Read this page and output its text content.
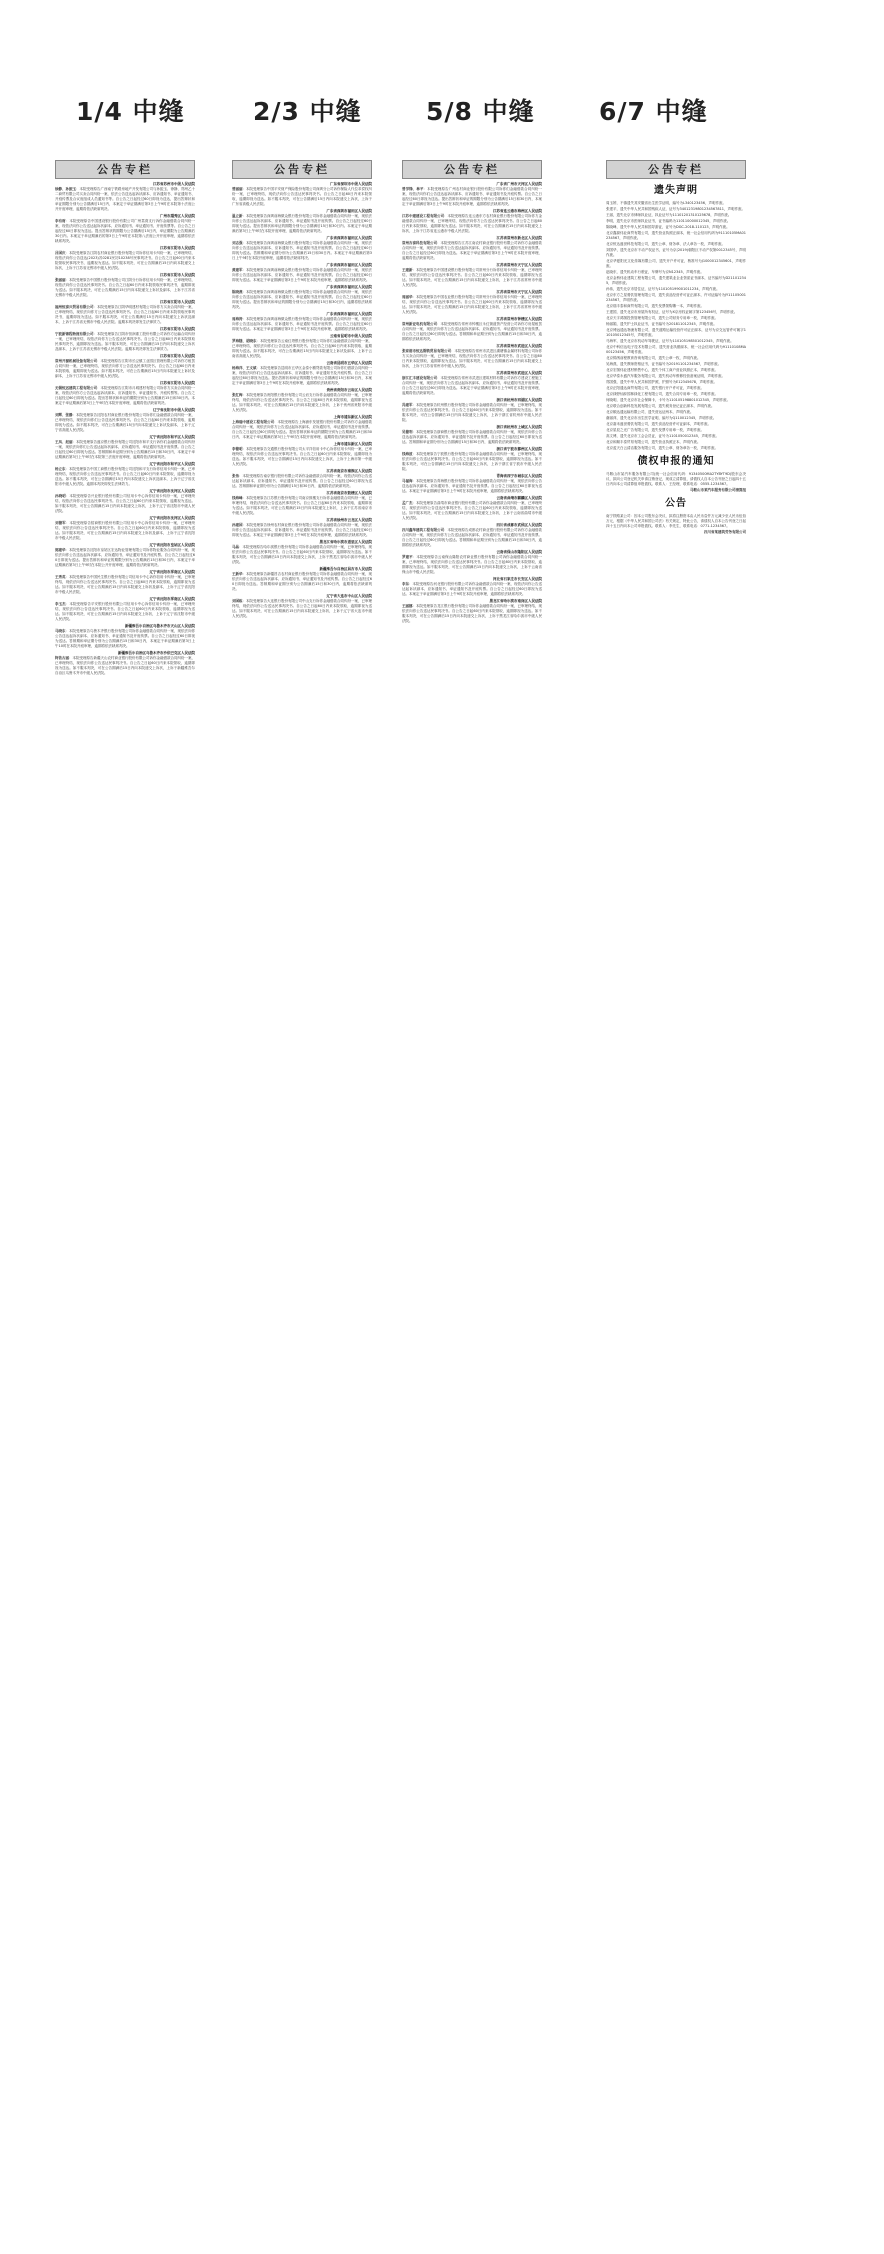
1/4 中缝	2/3 中缝	5/8 中缝	6/7 中缝
公告专栏
江苏省苏州市中级人民法院
徐静、孙振玉：本院受理原告广西南宁铁路房地产开发有限公司与孙振玉、徐静、郑州乙十二商贸有限公司买卖合同纠纷一案，依法公告送达起诉状副本、应诉通知书、举证通知书、开庭传票及合议庭组成人员通知书等。自公告之日起经过60日即视为送达，提出答辩状和举证期限分别为公告期满后15日内，本案定于举证期满后第3日上午9时在本院第十法庭公开开庭审理，逾期将依法缺席判决。
广州市越秀区人民法院
李有财：本院受理原告中国建设银行股份有限公司广州荔湾支行诉你金融借款合同纠纷一案，现依法向你公告送达起诉状副本、应诉通知书、举证通知书、开庭传票等。自公告之日起经过60日即视为送达。提出答辩状的期限为公告期满后15日内，举证期限为公告期满后30日内。本案定于举证期满后的第3日上午9时在本院第八法庭公开开庭审理，逾期将依法缺席判决。
江苏省江阴市人民法院
吕国庆：本院受理原告江阴农村商业银行股份有限公司诉你信用卡纠纷一案，已审理终结，现依法向你公告送达(2023)苏0281民初10238号民事判决书。自公告之日起60日内来本院领取民事判决书，逾期视为送达。如不服本判决，可在公告期满后15日内向本院递交上诉状，上诉于江苏省无锡市中级人民法院。
江苏省江阴市人民法院
张丽丽：本院受理原告中国银行股份有限公司江阴分行诉你信用卡纠纷一案，已审理终结，现依法向你公告送达民事判决书。自公告之日起60日内来本院领取民事判决书，逾期即视为送达。如不服本判决，可在公告期满后15日内向本院递交上诉状及副本，上诉于江苏省无锡市中级人民法院。
江苏省江阴市人民法院
福州恒泰兴贸易有限公司：本院受理原告江阴华明建材有限公司诉你方买卖合同纠纷一案，已审理终结，现依法向你方公告送达民事判决书。自公告之日起60日内来本院领取民事判决书，逾期即视为送达。如不服本判决，可在公告期满后15日内向本院递交上诉状及副本，上诉于江苏省无锡市中级人民法院。逾期本判决即发生法律效力。
江苏省江阴市人民法院
宁波新锦程物流有限公司：本院受理原告江阴市恒润重工股份有限公司诉你方运输合同纠纷一案，已审理终结，现依法向你方公告送达民事判决书。自公告之日起60日内来本院领取民事判决书，逾期即视为送达。如不服本判决，可在公告期满后15日内向本院递交上诉状及副本，上诉于江苏省无锡市中级人民法院。逾期本判决即发生法律效力。
江苏省江阴市人民法院
常州开源机械设备有限公司：本院受理原告江阴市长泾镇工业园区管理有限公司诉你方租赁合同纠纷一案，已审理终结，现依法向你方公告送达民事判决书。自公告之日起60日内来本院领取，逾期即视为送达。如不服本判决，可在公告期满后15日内向本院递交上诉状及副本，上诉于江苏省无锡市中级人民法院。
江苏省江阴市人民法院
无锡恒远建筑工程有限公司：本院受理原告江阴市月城建材有限公司诉你方买卖合同纠纷一案，现依法向你方公告送达起诉状副本、应诉通知书、举证通知书、开庭传票等。自公告之日起经过60日即视为送达。提出答辩状和举证的期限分别为公告期满后15日和30日内。本案定于举证期满后第3日上午9时在本院开庭审理，逾期将依法缺席判决。
辽宁省沈阳市中级人民法院
刘辉、张静：本院受理原告沈阳农村商业银行股份有限公司诉你们金融借款合同纠纷一案，已审理终结，现依法向你们公告送达民事判决书。自公告之日起60日内来本院领取，逾期即视为送达。如不服本判决，可在公告期满后15日内向本院递交上诉状及副本，上诉于辽宁省高级人民法院。
辽宁省沈阳市和平区人民法院
王凤、赵丽：本院受理原告盛京银行股份有限公司沈阳市和平支行诉你们金融借款合同纠纷一案，现依法向你们公告送达起诉状副本、应诉通知书、举证通知书及开庭传票。自公告之日起经过60日即视为送达。答辩期和举证期分别为公告期满后15日和30日内，本案定于举证期满后第3日上午9时在本院第三法庭开庭审理，逾期将依法缺席判决。
辽宁省沈阳市和平区人民法院
杨立东：本院受理原告中国工商银行股份有限公司沈阳和平支行诉你信用卡纠纷一案，已审理终结，现依法向你公告送达民事判决书。自公告之日起60日内来本院领取，逾期即视为送达。如不服本判决，可在公告期满后15日内向本院递交上诉状及副本，上诉于辽宁省沈阳市中级人民法院。逾期本判决即发生法律效力。
辽宁省沈阳市沈河区人民法院
孙晓明：本院受理原告兴业银行股份有限公司信用卡中心诉你信用卡纠纷一案，已审理终结，现依法向你公告送达民事判决书。自公告之日起60日内来本院领取，逾期视为送达。如不服本判决，可在公告期满后15日内向本院递交上诉状，上诉于辽宁省沈阳市中级人民法院。
辽宁省沈阳市沈河区人民法院
刘德军：本院受理原告招商银行股份有限公司信用卡中心诉你信用卡纠纷一案，已审理终结，现依法向你公告送达民事判决书。自公告之日起60日内来本院领取，逾期即视为送达。如不服本判决，可在公告期满后15日内向本院递交上诉状及副本，上诉于辽宁省沈阳市中级人民法院。
辽宁省沈阳市皇姑区人民法院
郭建华：本院受理原告沈阳市皇姑区宏达物业管理有限公司诉你物业服务合同纠纷一案，现依法向你公告送达起诉状副本、应诉通知书、举证通知书及开庭传票。自公告之日起经过60日即视为送达。提出答辩状和举证的期限分别为公告期满后15日和30日内，本案定于举证期满后第3日上午9时在本院公开开庭审理，逾期将依法缺席判决。
辽宁省沈阳市浑南区人民法院
王秀英：本院受理原告中国民生银行股份有限公司信用卡中心诉你信用卡纠纷一案，已审理终结，现依法向你公告送达民事判决书。自公告之日起60日内来本院领取，逾期即视为送达。如不服本判决，可在公告期满后15日内向本院递交上诉状及副本，上诉于辽宁省沈阳市中级人民法院。
辽宁省沈阳市浑南区人民法院
李玉杰：本院受理原告平安银行股份有限公司信用卡中心诉你信用卡纠纷一案，已审理终结，现依法向你公告送达民事判决书。自公告之日起60日内来本院领取，逾期即视为送达。如不服本判决，可在公告期满后15日内向本院递交上诉状，上诉于辽宁省沈阳市中级人民法院。
新疆维吾尔自治区乌鲁木齐市天山区人民法院
马晓东：本院受理原告乌鲁木齐银行股份有限公司诉你金融借款合同纠纷一案，现依法向你公告送达起诉状副本、应诉通知书、举证通知书及开庭传票。自公告之日起经过60日即视为送达。答辩期和举证期分别为公告期满后15日和30日内，本案定于举证期满后第3日上午10时在本院开庭审理，逾期将依法缺席判决。
新疆维吾尔自治区乌鲁木齐市沙依巴克区人民法院
阿依古丽：本院受理原告新疆天山农村商业银行股份有限公司诉你金融借款合同纠纷一案，已审理终结，现依法向你公告送达民事判决书。自公告之日起60日内来本院领取，逾期即视为送达。如不服本判决，可在公告期满后15日内向本院递交上诉状，上诉于新疆维吾尔自治区乌鲁木齐市中级人民法院。
公告专栏
广东省深圳市中级人民法院
曾丽丽：本院受理原告中国平安财产保险股份有限公司深圳分公司诉你保险人代位求偿权纠纷一案，已审理终结，现依法向你公告送达民事判决书。自公告之日起60日内来本院领取，逾期即视为送达。如不服本判决，可在公告期满后15日内向本院递交上诉状，上诉于广东省高级人民法院。
广东省深圳市福田区人民法院
温立新：本院受理原告深圳前海微众银行股份有限公司诉你金融借款合同纠纷一案，现依法向你公告送达起诉状副本、应诉通知书、举证通知书及开庭传票。自公告之日起经过60日即视为送达。提出答辩状和举证的期限分别为公告期满后15日和30日内。本案定于举证期满后第3日上午9时在本院开庭审理，逾期将依法缺席判决。
广东省深圳市福田区人民法院
刘志强：本院受理原告深圳前海微众银行股份有限公司诉你金融借款合同纠纷一案，现依法向你公告送达起诉状副本、应诉通知书、举证通知书及开庭传票。自公告之日起经过60日即视为送达。答辩期和举证期分别为公告期满后15日和30日内。本案定于举证期满后第3日上午9时在本院开庭审理，逾期将依法缺席判决。
广东省深圳市福田区人民法院
黄建军：本院受理原告深圳前海微众银行股份有限公司诉你金融借款合同纠纷一案，现依法向你公告送达起诉状副本、应诉通知书、举证通知书及开庭传票。自公告之日起经过60日即视为送达。本案定于举证期满后第3日上午9时在本院开庭审理，逾期将依法缺席判决。
广东省深圳市福田区人民法院
陈晓燕：本院受理原告深圳前海微众银行股份有限公司诉你金融借款合同纠纷一案，现依法向你公告送达起诉状副本、应诉通知书、举证通知书及开庭传票。自公告之日起经过60日即视为送达。提出答辩状和举证的期限分别为公告期满后15日和30日内，逾期将依法缺席判决。
广东省深圳市福田区人民法院
周海涛：本院受理原告深圳前海微众银行股份有限公司诉你金融借款合同纠纷一案，现依法向你公告送达起诉状副本、应诉通知书、举证通知书及开庭传票。自公告之日起经过60日即视为送达。本案定于举证期满后第3日上午9时在本院开庭审理，逾期将依法缺席判决。
云南省昆明市中级人民法院
罗海随、胡晓东：本院受理原告云南红塔银行股份有限公司诉你们金融借款合同纠纷一案，已审理终结，现依法向你们公告送达民事判决书。自公告之日起60日内来本院领取，逾期即视为送达。如不服本判决，可在公告期满后15日内向本院递交上诉状及副本，上诉于云南省高级人民法院。
云南省昆明市五华区人民法院
杨海洋、王文斌：本院受理原告昆明市五华区金泰小额贷款有限公司诉你们借款合同纠纷一案，现依法向你们公告送达起诉状副本、应诉通知书、举证通知书及开庭传票。自公告之日起经过60日即视为送达。提出答辩状和举证的期限分别为公告期满后15日和30日内，本案定于举证期满后第3日上午9时在本院开庭审理，逾期将依法缺席判决。
贵州省贵阳市云岩区人民法院
张红梅：本院受理原告贵阳银行股份有限公司云岩支行诉你金融借款合同纠纷一案，已审理终结，现依法向你公告送达民事判决书。自公告之日起60日内来本院领取，逾期即视为送达。如不服本判决，可在公告期满后15日内向本院递交上诉状，上诉于贵州省贵阳市中级人民法院。
上海市浦东新区人民法院
上海瑞中建设工程有限公司：本院受理原告上海浦东发展银行股份有限公司诉你方金融借款合同纠纷一案，现依法向你方公告送达起诉状副本、应诉通知书、举证通知书及开庭传票。自公告之日起经过60日即视为送达。提出答辩状和举证的期限分别为公告期满后15日和30日内，本案定于举证期满后第3日上午9时在本院开庭审理，逾期将依法缺席判决。
上海市浦东新区人民法院
李德明：本院受理原告交通银行股份有限公司太平洋信用卡中心诉你信用卡纠纷一案，已审理终结，现依法向你公告送达民事判决书。自公告之日起60日内来本院领取，逾期即视为送达。如不服本判决，可在公告期满后15日内向本院递交上诉状，上诉于上海市第一中级人民法院。
江苏省南京市秦淮区人民法院
张伟：本院受理原告南京银行股份有限公司诉你金融借款合同纠纷一案，现依法向你公告送达起诉状副本、应诉通知书、举证通知书及开庭传票。自公告之日起经过60日即视为送达。答辩期和举证期分别为公告期满后15日和30日内，逾期将依法缺席判决。
江苏省南京市鼓楼区人民法院
钱海峰：本院受理原告江苏银行股份有限公司南京鼓楼支行诉你金融借款合同纠纷一案，已审理终结，现依法向你公告送达民事判决书。自公告之日起60日内来本院领取，逾期即视为送达。如不服本判决，可在公告期满后15日内向本院递交上诉状，上诉于江苏省南京市中级人民法院。
江苏省徐州市云龙区人民法院
孙建国：本院受理原告徐州农村商业银行股份有限公司诉你金融借款合同纠纷一案，现依法向你公告送达起诉状副本、应诉通知书、举证通知书及开庭传票。自公告之日起经过60日即视为送达。本案定于举证期满后第3日上午9时在本院开庭审理，逾期将依法缺席判决。
黑龙江省哈尔滨市道里区人民法院
马晶：本院受理原告哈尔滨银行股份有限公司诉你金融借款合同纠纷一案，已审理终结，现依法向你公告送达民事判决书。自公告之日起60日内来本院领取，逾期即视为送达。如不服本判决，可在公告期满后15日内向本院递交上诉状，上诉于黑龙江省哈尔滨市中级人民法院。
新疆维吾尔自治区昌吉市人民法院
王新华：本院受理原告新疆昌吉农村商业银行股份有限公司诉你金融借款合同纠纷一案，现依法向你公告送达起诉状副本、应诉通知书、举证通知书及开庭传票。自公告之日起经过60日即视为送达。答辩期和举证期分别为公告期满后15日和30日内，逾期将依法缺席判决。
辽宁省大连市中山区人民法院
刘国栋：本院受理原告大连银行股份有限公司中山支行诉你金融借款合同纠纷一案，已审理终结，现依法向你公告送达民事判决书。自公告之日起60日内来本院领取，逾期即视为送达。如不服本判决，可在公告期满后15日内向本院递交上诉状，上诉于辽宁省大连市中级人民法院。
公告专栏
广东省广州市天河区人民法院
曾学锋、林平：本院受理原告广州农村商业银行股份有限公司诉你们金融借款合同纠纷一案，现依法向你们公告送达起诉状副本、应诉通知书、举证通知书及开庭传票。自公告之日起经过60日即视为送达。提出答辩状和举证的期限分别为公告期满后15日和30日内，本案定于举证期满后第3日上午9时在本院开庭审理，逾期将依法缺席判决。
江苏省连云港市海州区人民法院
江苏中建建设工程有限公司：本院受理原告连云港东方农村商业银行股份有限公司诉你方金融借款合同纠纷一案，已审理终结，现依法向你方公告送达民事判决书。自公告之日起60日内来本院领取，逾期即视为送达。如不服本判决，可在公告期满后15日内向本院递交上诉状，上诉于江苏省连云港市中级人民法院。
江苏省常州市新北区人民法院
常州吉泰科技有限公司：本院受理原告江苏江南农村商业银行股份有限公司诉你方金融借款合同纠纷一案，现依法向你方公告送达起诉状副本、应诉通知书、举证通知书及开庭传票。自公告之日起经过60日即视为送达。本案定于举证期满后第3日上午9时在本院开庭审理，逾期将依法缺席判决。
江苏省常州市天宁区人民法院
王建新：本院受理原告中国建设银行股份有限公司常州分行诉你信用卡纠纷一案，已审理终结，现依法向你公告送达民事判决书。自公告之日起60日内来本院领取，逾期即视为送达。如不服本判决，可在公告期满后15日内向本院递交上诉状，上诉于江苏省常州市中级人民法院。
江苏省常州市天宁区人民法院
周丽华：本院受理原告中国农业银行股份有限公司常州分行诉你信用卡纠纷一案，已审理终结，现依法向你公告送达民事判决书。自公告之日起60日内来本院领取，逾期即视为送达。如不服本判决，可在公告期满后15日内向本院递交上诉状，上诉于江苏省常州市中级人民法院。
江苏省常州市钟楼区人民法院
常州新亚电机有限公司：本院受理原告常州市钟楼区永红街道资产经营公司诉你方房屋租赁合同纠纷一案，现依法向你方公告送达起诉状副本、应诉通知书、举证通知书及开庭传票。自公告之日起经过60日即视为送达。答辩期和举证期分别为公告期满后15日和30日内，逾期将依法缺席判决。
江苏省常州市武进区人民法院
张家港市恒达钢铁贸易有限公司：本院受理原告常州市武进区湖塘镇金属材料有限公司诉你方买卖合同纠纷一案，已审理终结，现依法向你方公告送达民事判决书。自公告之日起60日内来本院领取，逾期即视为送达。如不服本判决，可在公告期满后15日内向本院递交上诉状，上诉于江苏省常州市中级人民法院。
江苏省常州市武进区人民法院
浙江汇丰建设有限公司：本院受理原告常州市武进区建筑材料有限公司诉你方建设工程施工合同纠纷一案，现依法向你方公告送达起诉状副本、应诉通知书、举证通知书及开庭传票。自公告之日起经过60日即视为送达。本案定于举证期满后第3日上午9时在本院开庭审理，逾期将依法缺席判决。
浙江省杭州市西湖区人民法院
冯建军：本院受理原告杭州银行股份有限公司诉你金融借款合同纠纷一案，已审理终结，现依法向你公告送达民事判决书。自公告之日起60日内来本院领取，逾期即视为送达。如不服本判决，可在公告期满后15日内向本院递交上诉状，上诉于浙江省杭州市中级人民法院。
浙江省杭州市上城区人民法院
吴德利：本院受理原告浙商银行股份有限公司诉你金融借款合同纠纷一案，现依法向你公告送达起诉状副本、应诉通知书、举证通知书及开庭传票。自公告之日起经过60日即视为送达。答辩期和举证期分别为公告期满后15日和30日内，逾期将依法缺席判决。
浙江省宁波市鄞州区人民法院
钱海波：本院受理原告宁波银行股份有限公司诉你金融借款合同纠纷一案，已审理终结，现依法向你公告送达民事判决书。自公告之日起60日内来本院领取，逾期即视为送达。如不服本判决，可在公告期满后15日内向本院递交上诉状，上诉于浙江省宁波市中级人民法院。
青海省西宁市城东区人民法院
马福海：本院受理原告青海银行股份有限公司诉你金融借款合同纠纷一案，现依法向你公告送达起诉状副本、应诉通知书、举证通知书及开庭传票。自公告之日起经过60日即视为送达。本案定于举证期满后第3日上午9时在本院开庭审理，逾期将依法缺席判决。
云南省曲靖市麒麟区人民法院
孟广杰：本院受理原告曲靖市商业银行股份有限公司诉你金融借款合同纠纷一案，已审理终结，现依法向你公告送达民事判决书。自公告之日起60日内来本院领取，逾期即视为送达。如不服本判决，可在公告期满后15日内向本院递交上诉状，上诉于云南省曲靖市中级人民法院。
四川省成都市武侯区人民法院
四川鑫华建筑工程有限公司：本院受理原告成都农村商业银行股份有限公司诉你方金融借款合同纠纷一案，现依法向你方公告送达起诉状副本、应诉通知书、举证通知书及开庭传票。自公告之日起经过60日即视为送达。答辩期和举证期分别为公告期满后15日和30日内，逾期将依法缺席判决。
云南省保山市隆阳区人民法院
罗建平：本院受理原告云南保山隆阳农村商业银行股份有限公司诉你金融借款合同纠纷一案，已审理终结，现依法向你公告送达民事判决书。自公告之日起60日内来本院领取，逾期即视为送达。如不服本判决，可在公告期满后15日内向本院递交上诉状，上诉于云南省保山市中级人民法院。
河北省石家庄市长安区人民法院
李东：本院受理原告河北银行股份有限公司诉你金融借款合同纠纷一案，现依法向你公告送达起诉状副本、应诉通知书、举证通知书及开庭传票。自公告之日起经过60日即视为送达。本案定于举证期满后第3日上午9时在本院开庭审理，逾期将依法缺席判决。
黑龙江省哈尔滨市南岗区人民法院
王丽娜：本院受理原告龙江银行股份有限公司诉你金融借款合同纠纷一案，已审理终结，现依法向你公告送达民事判决书。自公告之日起60日内来本院领取，逾期即视为送达。如不服本判决，可在公告期满后15日内向本院递交上诉状，上诉于黑龙江省哈尔滨市中级人民法院。
公告专栏
遗失声明
周玉婷，不慎遗失其安徽省出生医学证明，编号为L340123456，声明作废。
张建平，遗失中华人民共和国残疾人证，证号为34012319801234567811，声明作废。
王丽，遗失北京市律师执业证，执业证号为11101201310125678，声明作废。
李明，遗失北京市医师执业证书，证书编码为110110000012345，声明作废。
陈晓峰，遗失中华人民共和国导游证，证号为DGC-2018-110123，声明作废。
北京鑫源伟业商贸有限公司，遗失营业执照正副本，统一社会信用代码为91110105MA01234567，声明作废。
北京恒达盛世科技有限公司，遗失公章、财务章、法人章各一枚，声明作废。
刘国华，遗失北京市不动产权证书，证号为京(2019)朝阳区不动产权第0012345号，声明作废。
北京华夏阳光文化传媒有限公司，遗失开户许可证，核准号为J1000012345601，声明作废。
赵晓东，遗失机动车行驶证，车牌号为京N12345，声明作废。
北京金桥伟业建筑工程有限公司，遗失建筑业企业资质证书副本，证书编号为D211012345，声明作废。
孙伟，遗失北京市居住证，证号为110105199001011234，声明作废。
北京东方之星餐饮管理有限公司，遗失食品经营许可证正副本，许可证编号为JY11105001234567，声明作废。
北京瑞丰泰和商贸有限公司，遗失发票领购簿一本，声明作废。
王建国，遗失北京市房屋所有权证，证号为X京房权证朝字第123456号，声明作废。
北京天宇鸿图投资管理有限公司，遗失公司财务专用章一枚，声明作废。
杨丽娟，遗失护士执业证书，证书编号为201811012345，声明作废。
北京博远通达物流有限公司，遗失道路运输经营许可证正副本，证号为京交运管许可朝字110105012345号，声明作废。
马海军，遗失北京市机动车驾驶证，证号为110105198501012345，声明作废。
北京中科信达电子技术有限公司，遗失营业执照副本，统一社会信用代码为91110108MA00123456，声明作废。
北京锦绣前程教育咨询有限公司，遗失公章一枚，声明作废。
吴海燕，遗失教师资格证书，证书编号为20191101234567，声明作废。
北京宏图伟业建材销售中心，遗失个体工商户营业执照正本，声明作废。
北京华泰永盛汽车服务有限公司，遗失机动车维修经营备案证明，声明作废。
郑国强，遗失中华人民共和国护照，护照号为E12345678，声明作废。
北京正阳通达商贸有限公司，遗失银行开户许可证，声明作废。
北京绿野仙踪园林绿化工程有限公司，遗失合同专用章一枚，声明作废。
何晓明，遗失北京市社会保障卡，卡号为110105198801012345，声明作废。
北京联合创新科技发展有限公司，遗失税务登记证正副本，声明作废。
北京顺达通运输有限公司，遗失营运证两本，声明作废。
谢丽萍，遗失北京市出生医学证明，编号为Q110012345，声明作废。
北京嘉禾盛世餐饮有限公司，遗失食品经营许可证副本，声明作废。
北京星辰之光广告有限公司，遗失发票专用章一枚，声明作废。
高文博，遗失北京市工会会员证，证号为1101050012345，声明作废。
北京和顺丰泰贸易有限公司，遗失营业执照正本，声明作废。
北京蓝天白云清洁服务有限公司，遗失公章、财务章各一枚，声明作废。
债权申报的通知
马鞍山市某汽车服务有限公司(统一社会信用代码：91340500MA2TYBYT9D)股东会决议，拟向公司登记机关申请注销登记，现成立清算组，请债权人自本公告刊登之日起四十五日内向本公司清算组申报债权。联系人：王经理，联系电话：0555-1234567。
马鞍山市某汽车服务有限公司清算组
公告
南宁铁路某公司：因本公司股东会决议，拟将注册资本由人民币壹仟万元减少至人民币伍佰万元，根据《中华人民共和国公司法》有关规定，特此公告，请债权人自本公告刊登之日起四十五日内向本公司申报债权。联系人：李先生，联系电话：0771-1234567。
四川省某建筑劳务有限公司
